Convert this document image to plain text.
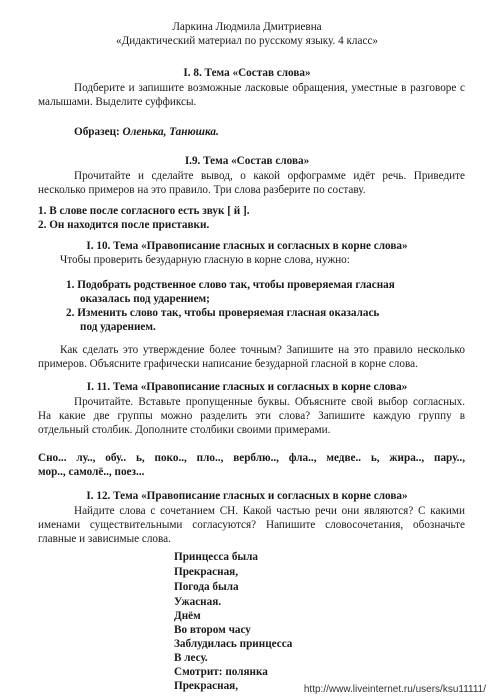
Ларкина Людмила Дмитриевна
«Дидактический материал по русскому языку. 4 класс»
I. 8. Тема «Состав слова»
Подберите и запишите возможные ласковые обращения, уместные в разговоре с
малышами. Выделите суффиксы.
Образец: Оленька, Танюшка.
I.9. Тема «Состав слова»
Прочитайте и сделайте вывод, о какой орфограмме идёт речь. Приведите
несколько примеров на это правило. Три слова разберите по составу.
1. В слове после согласного есть звук [ й ].
2. Он находится после приставки.
I. 10. Тема «Правописание гласных и согласных в корне слова»
Чтобы проверить безударную гласную в корне слова, нужно:
1. Подобрать родственное слово так, чтобы проверяемая гласная
оказалась под ударением;
2. Изменить слово так, чтобы проверяемая гласная оказалась
под ударением.
Как сделать это утверждение более точным? Запишите на это правило несколько
примеров. Объясните графически написание безударной гласной в корне слова.
I. 11. Тема «Правописание гласных и согласных в корне слова»
Прочитайте. Вставьте пропущенные буквы. Объясните свой выбор согласных.
На какие две группы можно разделить эти слова? Запишите каждую группу в
отдельный столбик. Дополните столбики своими примерами.
Сно... лу.., обу.. ь, поко.., пло.., верблю.., фла.., медве.. ь, жира.., пару..,
мор.., самолё.., поез...
I. 12. Тема «Правописание гласных и согласных в корне слова»
Найдите слова с сочетанием СН. Какой частью речи они являются? С какими
именами существительными согласуются? Напишите словосочетания, обозначьте
главные и зависимые слова.
Принцесса была
Прекрасная,
Погода была
Ужасная.
Днём
Во втором часу
Заблудилась принцесса
В лесу.
Смотрит: полянка
Прекрасная,	http://www.liveinternet.ru/users/ksu11111/
